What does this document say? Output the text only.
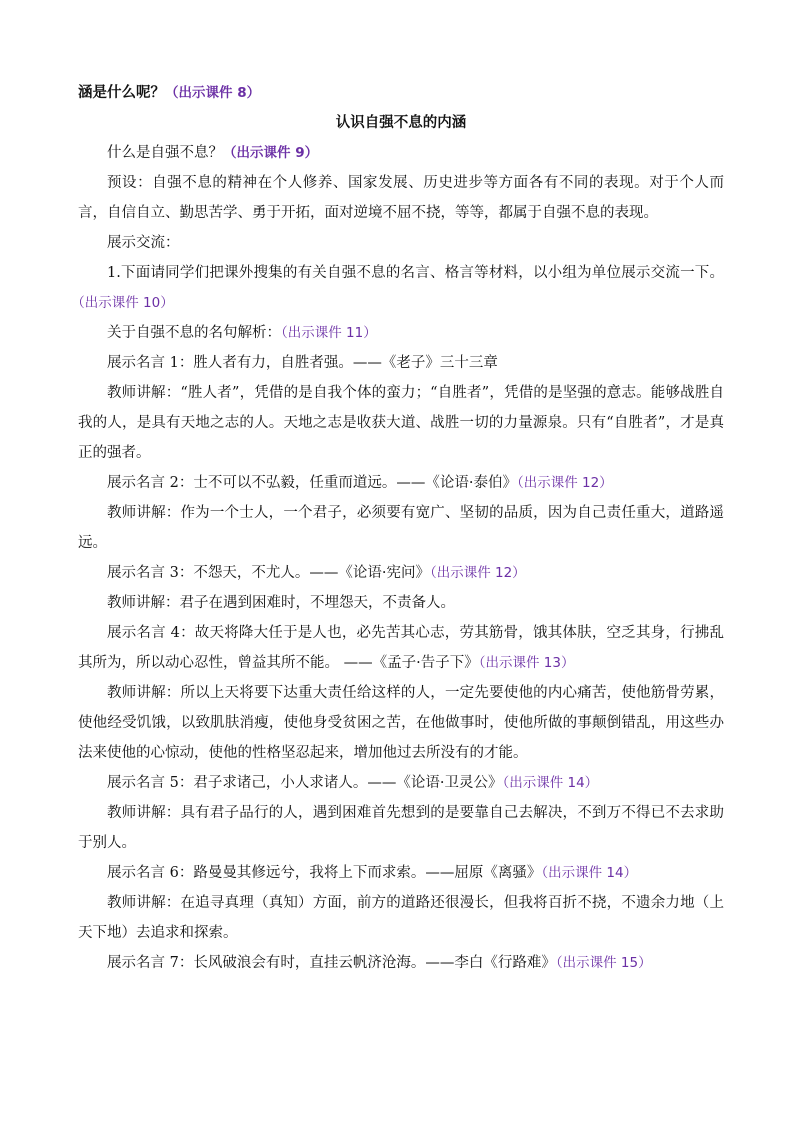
涵是什么呢？（出示课件 8）

认识自强不息的内涵

什么是自强不息？（出示课件 9）

预设：自强不息的精神在个人修养、国家发展、历史进步等方面各有不同的表现。对于个人而言，自信自立、勤思苦学、勇于开拓，面对逆境不屈不挠，等等，都属于自强不息的表现。

展示交流：

1.下面请同学们把课外搜集的有关自强不息的名言、格言等材料，以小组为单位展示交流一下。（出示课件 10）

关于自强不息的名句解析：（出示课件 11）

展示名言 1：胜人者有力，自胜者强。——《老子》三十三章

教师讲解：“胜人者”，凭借的是自我个体的蛮力；“自胜者”，凭借的是坚强的意志。能够战胜自我的人，是具有天地之志的人。天地之志是收获大道、战胜一切的力量源泉。只有“自胜者”，才是真正的强者。

展示名言 2：士不可以不弘毅，任重而道远。——《论语·泰伯》（出示课件 12）

教师讲解：作为一个士人，一个君子，必须要有宽广、坚韧的品质，因为自己责任重大，道路遥远。

展示名言 3：不怨天，不尤人。——《论语·宪问》（出示课件 12）

教师讲解：君子在遇到困难时，不埋怨天，不责备人。

展示名言 4：故天将降大任于是人也，必先苦其心志，劳其筋骨，饿其体肤，空乏其身，行拂乱其所为，所以动心忍性，曾益其所不能。 ——《孟子·告子下》（出示课件 13）

教师讲解：所以上天将要下达重大责任给这样的人，一定先要使他的内心痛苦，使他筋骨劳累，使他经受饥饿，以致肌肤消瘦，使他身受贫困之苦，在他做事时，使他所做的事颠倒错乱，用这些办法来使他的心惊动，使他的性格坚忍起来，增加他过去所没有的才能。

展示名言 5：君子求诸己，小人求诸人。——《论语·卫灵公》（出示课件 14）

教师讲解：具有君子品行的人，遇到困难首先想到的是要靠自己去解决，不到万不得已不去求助于别人。

展示名言 6：路曼曼其修远兮，我将上下而求索。——屈原《离骚》（出示课件 14）

教师讲解：在追寻真理（真知）方面，前方的道路还很漫长，但我将百折不挠，不遗余力地（上天下地）去追求和探索。

展示名言 7：长风破浪会有时，直挂云帆济沧海。——李白《行路难》（出示课件 15）
